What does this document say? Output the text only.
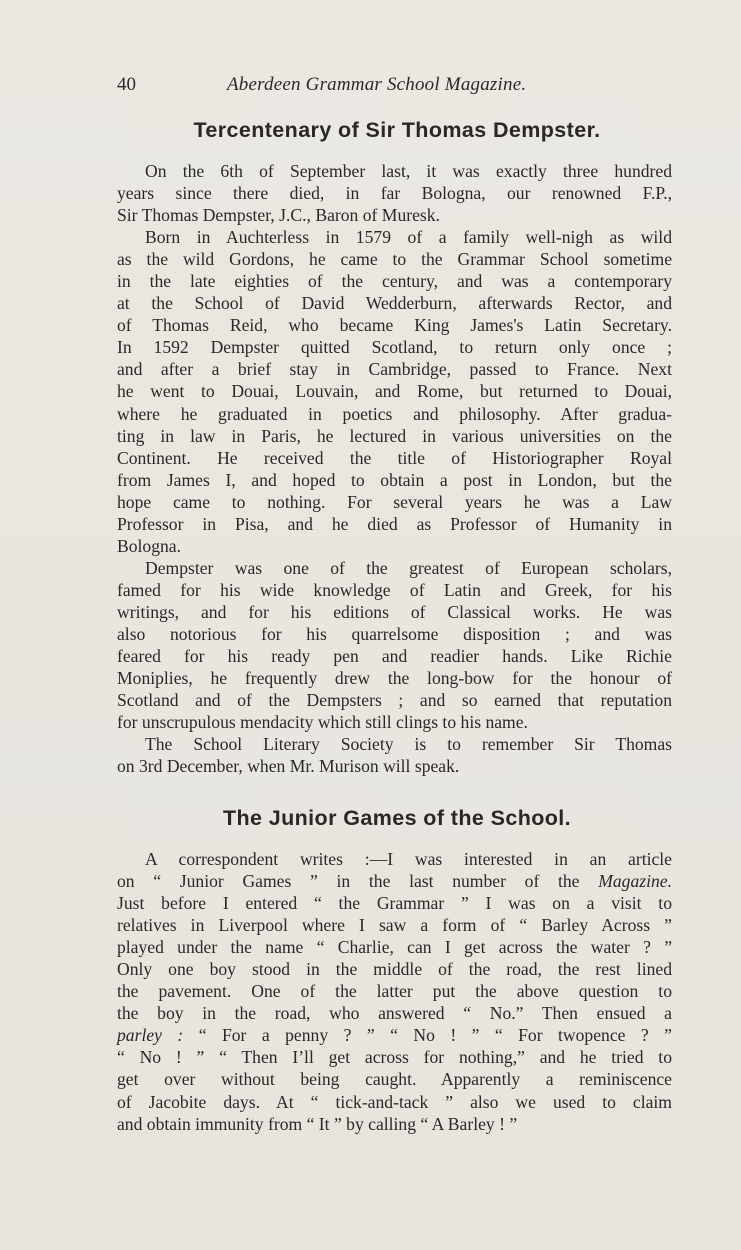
40	Aberdeen Grammar School Magazine.
Tercentenary of Sir Thomas Dempster.
On the 6th of September last, it was exactly three hundred
years since there died, in far Bologna, our renowned F.P.,
Sir Thomas Dempster, J.C., Baron of Muresk.
Born in Auchterless in 1579 of a family well-nigh as wild
as the wild Gordons, he came to the Grammar School sometime
in the late eighties of the century, and was a contemporary
at the School of David Wedderburn, afterwards Rector, and
of Thomas Reid, who became King James's Latin Secretary.
In 1592 Dempster quitted Scotland, to return only once ;
and after a brief stay in Cambridge, passed to France. Next
he went to Douai, Louvain, and Rome, but returned to Douai,
where he graduated in poetics and philosophy. After gradua-
ting in law in Paris, he lectured in various universities on the
Continent. He received the title of Historiographer Royal
from James I, and hoped to obtain a post in London, but the
hope came to nothing. For several years he was a Law
Professor in Pisa, and he died as Professor of Humanity in
Bologna.
Dempster was one of the greatest of European scholars,
famed for his wide knowledge of Latin and Greek, for his
writings, and for his editions of Classical works. He was
also notorious for his quarrelsome disposition ; and was
feared for his ready pen and readier hands. Like Richie
Moniplies, he frequently drew the long-bow for the honour of
Scotland and of the Dempsters ; and so earned that reputation
for unscrupulous mendacity which still clings to his name.
The School Literary Society is to remember Sir Thomas
on 3rd December, when Mr. Murison will speak.
The Junior Games of the School.
A correspondent writes :—I was interested in an article
on “ Junior Games ” in the last number of the Magazine.
Just before I entered “ the Grammar ” I was on a visit to
relatives in Liverpool where I saw a form of “ Barley Across ”
played under the name “ Charlie, can I get across the water ? ”
Only one boy stood in the middle of the road, the rest lined
the pavement. One of the latter put the above question to
the boy in the road, who answered “ No.” Then ensued a
parley : “ For a penny ? ” “ No ! ” “ For twopence ? ”
“ No ! ” “ Then I’ll get across for nothing,” and he tried to
get over without being caught. Apparently a reminiscence
of Jacobite days. At “ tick-and-tack ” also we used to claim
and obtain immunity from “ It ” by calling “ A Barley ! ”
